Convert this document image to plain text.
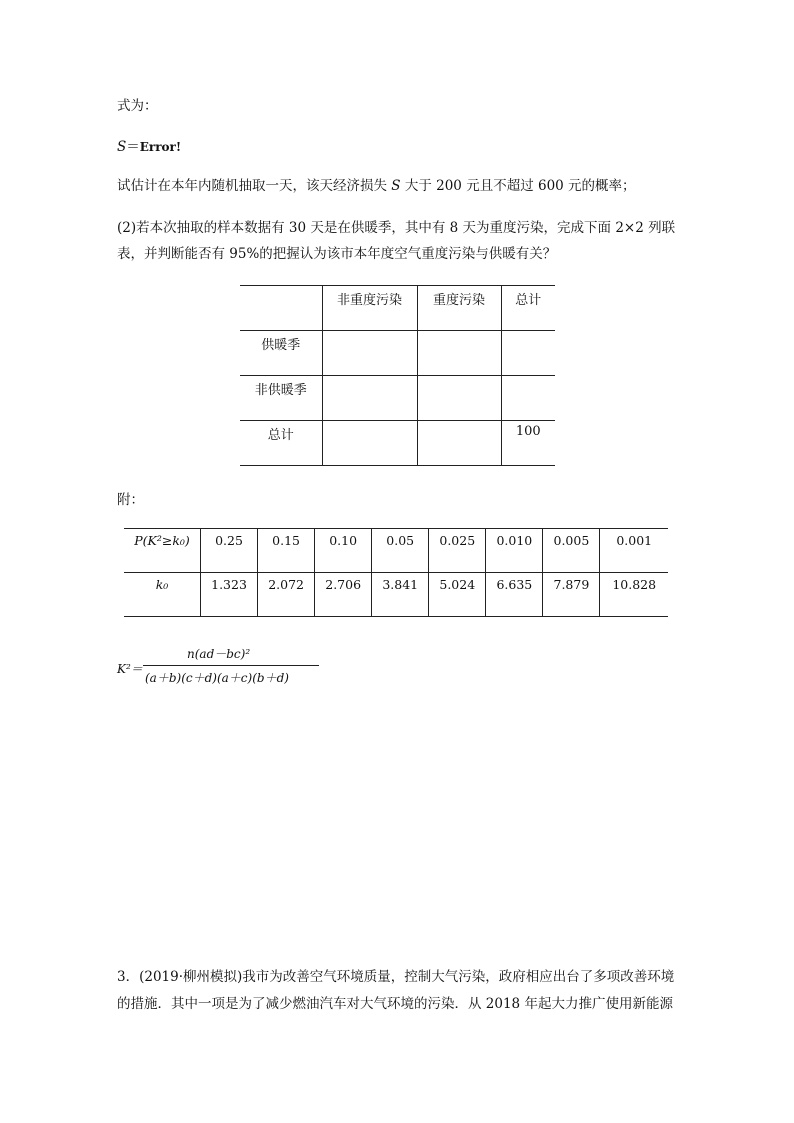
式为：
S＝Error!
试估计在本年内随机抽取一天，该天经济损失 S 大于 200 元且不超过 600 元的概率；
(2)若本次抽取的样本数据有 30 天是在供暖季，其中有 8 天为重度污染，完成下面 2×2 列联
表，并判断能否有 95%的把握认为该市本年度空气重度污染与供暖有关？
	非重度污染	重度污染	总计
供暖季			
非供暖季			
总计			100
附：
P(K²≥k₀)	0.25	0.15	0.10	0.05	0.025	0.010	0.005	0.001
k₀	1.323	2.072	2.706	3.841	5.024	6.635	7.879	10.828
K²＝
n(ad－bc)²
(a＋b)(c＋d)(a＋c)(b＋d)
3．(2019·柳州模拟)我市为改善空气环境质量，控制大气污染，政府相应出台了多项改善环境
的措施．其中一项是为了减少燃油汽车对大气环境的污染．从 2018 年起大力推广使用新能源
